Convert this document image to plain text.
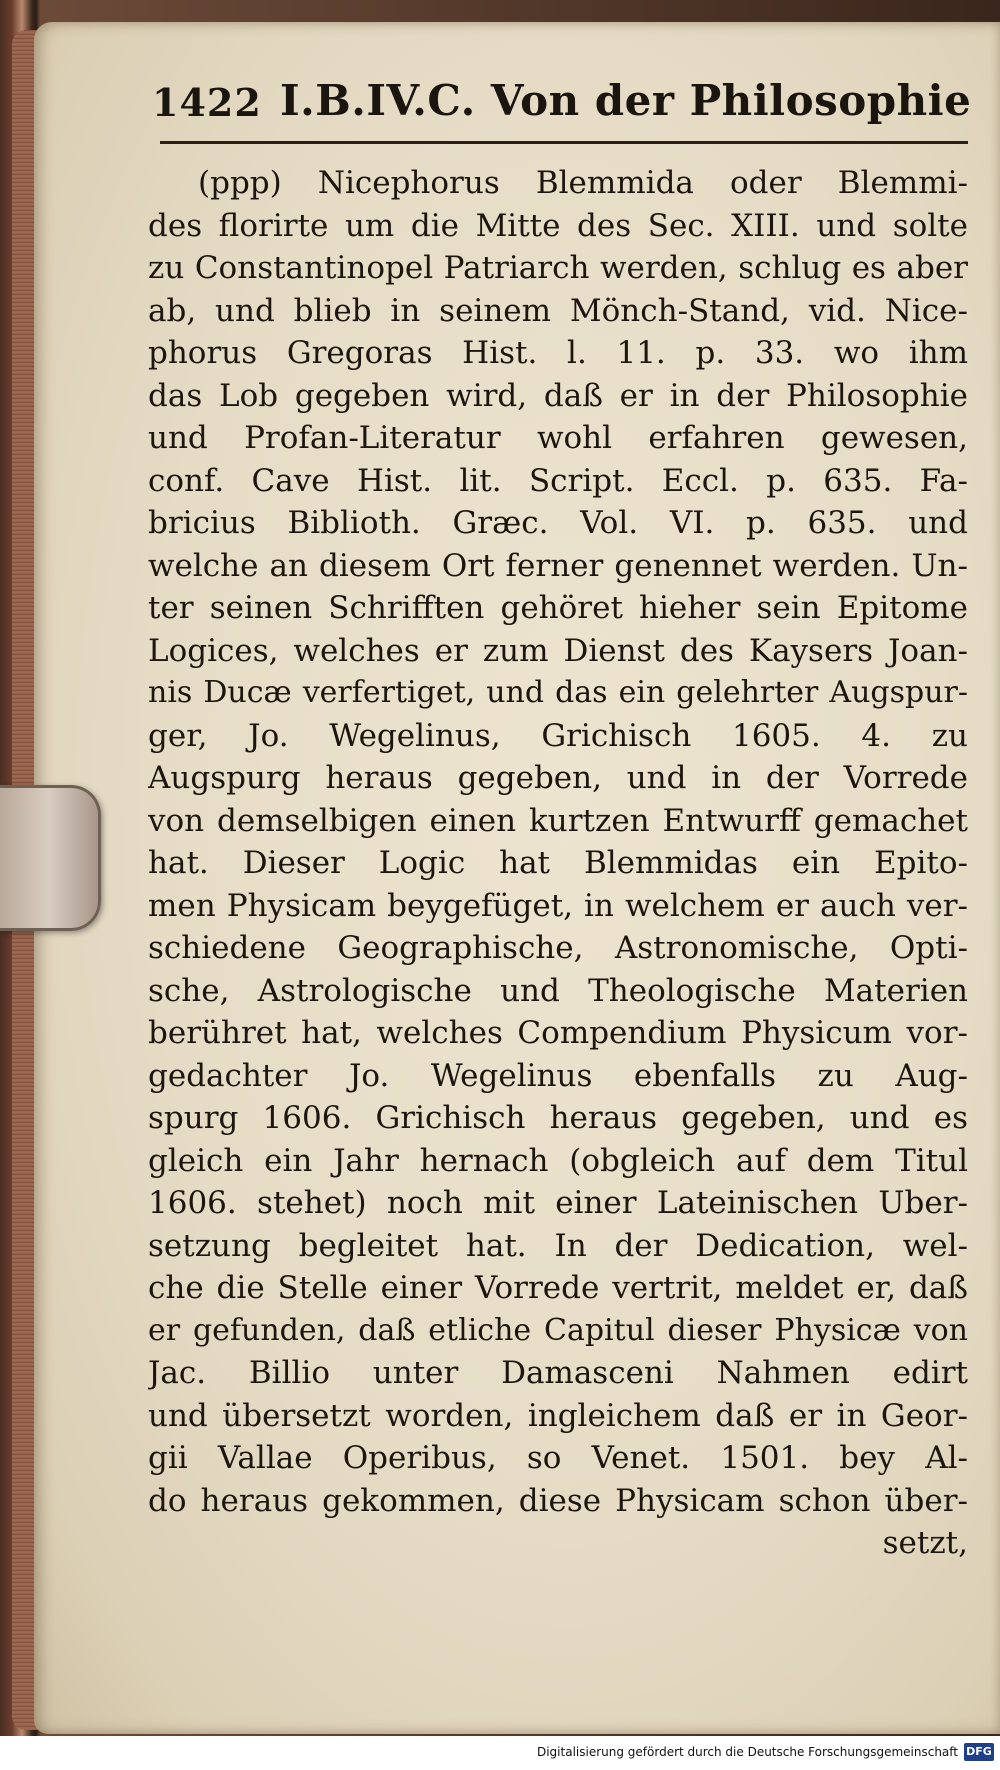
1422 I.B.IV.C. Von der Philosophie
(ppp) Nicephorus Blemmida oder Blemmi-
des florirte um die Mitte des Sec. XIII. und solte
zu Constantinopel Patriarch werden, schlug es aber
ab, und blieb in seinem Mönch-Stand, vid. Nice-
phorus Gregoras Hist. l. 11. p. 33. wo ihm
das Lob gegeben wird, daß er in der Philosophie
und Profan-Literatur wohl erfahren gewesen,
conf. Cave Hist. lit. Script. Eccl. p. 635. Fa-
bricius Biblioth. Græc. Vol. VI. p. 635. und
welche an diesem Ort ferner genennet werden. Un-
ter seinen Schrifften gehöret hieher sein Epitome
Logices, welches er zum Dienst des Kaysers Joan-
nis Ducæ verfertiget, und das ein gelehrter Augspur-
ger, Jo. Wegelinus, Grichisch 1605. 4. zu
Augspurg heraus gegeben, und in der Vorrede
von demselbigen einen kurtzen Entwurff gemachet
hat. Dieser Logic hat Blemmidas ein Epito-
men Physicam beygefüget, in welchem er auch ver-
schiedene Geographische, Astronomische, Opti-
sche, Astrologische und Theologische Materien
berühret hat, welches Compendium Physicum vor-
gedachter Jo. Wegelinus ebenfalls zu Aug-
spurg 1606. Grichisch heraus gegeben, und es
gleich ein Jahr hernach (obgleich auf dem Titul
1606. stehet) noch mit einer Lateinischen Uber-
setzung begleitet hat. In der Dedication, wel-
che die Stelle einer Vorrede vertrit, meldet er, daß
er gefunden, daß etliche Capitul dieser Physicæ von
Jac. Billio unter Damasceni Nahmen edirt
und übersetzt worden, ingleichem daß er in Geor-
gii Vallae Operibus, so Venet. 1501. bey Al-
do heraus gekommen, diese Physicam schon über-
setzt,
Digitalisierung gefördert durch die Deutsche Forschungsgemeinschaft DFG
